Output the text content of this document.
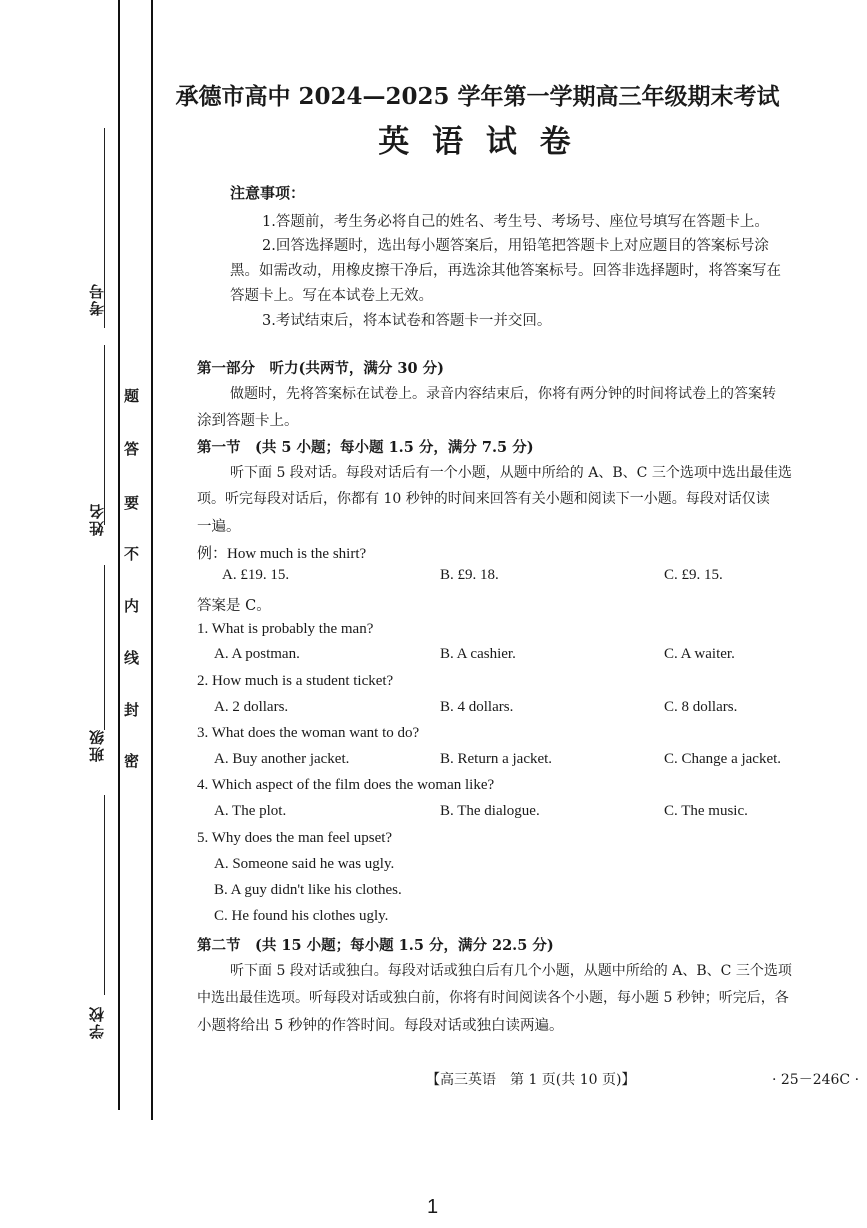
考号
姓名
班级
学校
题
答
要
不
内
线
封
密
承德市高中 2024—2025 学年第一学期高三年级期末考试
英 语 试 卷
注意事项：
1.答题前，考生务必将自己的姓名、考生号、考场号、座位号填写在答题卡上。
2.回答选择题时，选出每小题答案后，用铅笔把答题卡上对应题目的答案标号涂
黑。如需改动，用橡皮擦干净后，再选涂其他答案标号。回答非选择题时，将答案写在
答题卡上。写在本试卷上无效。
3.考试结束后，将本试卷和答题卡一并交回。
第一部分　听力(共两节，满分 30 分)
做题时，先将答案标在试卷上。录音内容结束后，你将有两分钟的时间将试卷上的答案转
涂到答题卡上。
第一节　(共 5 小题；每小题 1.5 分，满分 7.5 分)
听下面 5 段对话。每段对话后有一个小题，从题中所给的 A、B、C 三个选项中选出最佳选
项。听完每段对话后，你都有 10 秒钟的时间来回答有关小题和阅读下一小题。每段对话仅读
一遍。
例：How much is the shirt?
A. £19. 15.	B. £9. 18.	C. £9. 15.
答案是 C。
1. What is probably the man?
A. A postman.	B. A cashier.	C. A waiter.
2. How much is a student ticket?
A. 2 dollars.	B. 4 dollars.	C. 8 dollars.
3. What does the woman want to do?
A. Buy another jacket.	B. Return a jacket.	C. Change a jacket.
4. Which aspect of the film does the woman like?
A. The plot.	B. The dialogue.	C. The music.
5. Why does the man feel upset?
A. Someone said he was ugly.
B. A guy didn't like his clothes.
C. He found his clothes ugly.
第二节　(共 15 小题；每小题 1.5 分，满分 22.5 分)
听下面 5 段对话或独白。每段对话或独白后有几个小题，从题中所给的 A、B、C 三个选项
中选出最佳选项。听每段对话或独白前，你将有时间阅读各个小题，每小题 5 秒钟；听完后，各
小题将给出 5 秒钟的作答时间。每段对话或独白读两遍。
【高三英语　第 1 页(共 10 页)】	· 25－246C ·
1
